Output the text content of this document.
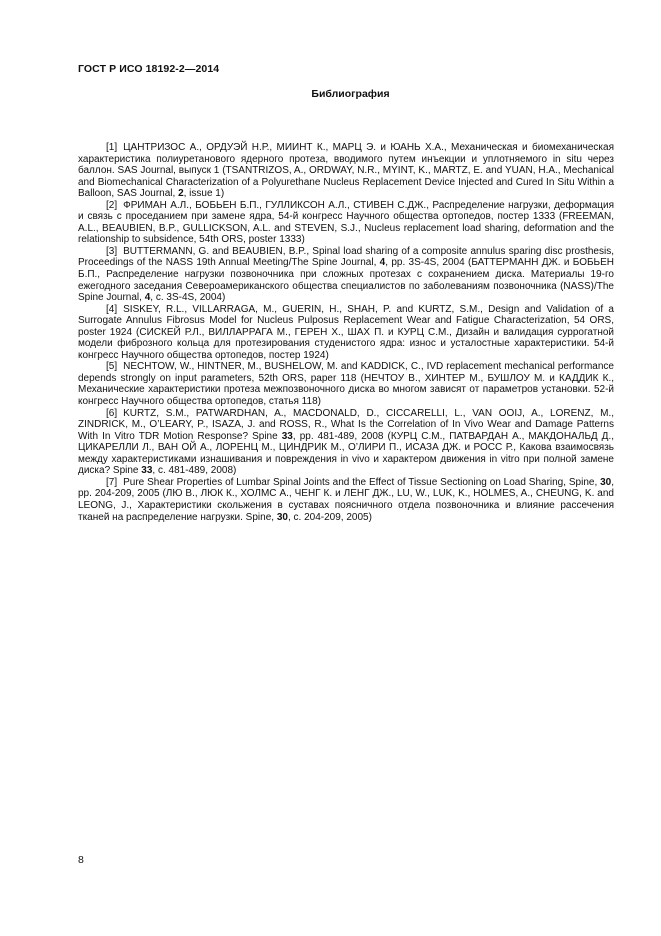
ГОСТ Р ИСО 18192-2—2014
Библиография

[1] ЦАНТРИЗОС А., ОРДУЭЙ Н.Р., МИИНТ К., МАРЦ Э. и ЮАНЬ Х.А., Механическая и биомеханическая характеристика полиуретанового ядерного протеза, вводимого путем инъекции и уплотняемого in situ через баллон. SAS Journal, выпуск 1 (TSANTRIZOS, A., ORDWAY, N.R., MYINT, K., MARTZ, E. and YUAN, H.A., Mechanical and Biomechanical Characterization of a Polyurethane Nucleus Replacement Device Injected and Cured In Situ Within a Balloon, SAS Journal, 2, issue 1)

[2] ФРИМАН А.Л., БОБЬЕН Б.П., ГУЛЛИКСОН А.Л., СТИВЕН С.ДЖ., Распределение нагрузки, деформация и связь с проседанием при замене ядра, 54-й конгресс Научного общества ортопедов, постер 1333 (FREEMAN, A.L., BEAUBIEN, B.P., GULLICKSON, A.L. and STEVEN, S.J., Nucleus replacement load sharing, deformation and the relationship to subsidence, 54th ORS, poster 1333)

[3] BUTTERMANN, G. and BEAUBIEN, B.P., Spinal load sharing of a composite annulus sparing disc prosthesis, Proceedings of the NASS 19th Annual Meeting/The Spine Journal, 4, pp. 3S-4S, 2004 (БАТТЕРМАНН ДЖ. и БОБЬЕН Б.П., Распределение нагрузки позвоночника при сложных протезах с сохранением диска. Материалы 19-го ежегодного заседания Североамериканского общества специалистов по заболеваниям позвоночника (NASS)/The Spine Journal, 4, с. 3S-4S, 2004)

[4] SISKEY, R.L., VILLARRAGA, M., GUERIN, H., SHAH, P. and KURTZ, S.M., Design and Validation of a Surrogate Annulus Fibrosus Model for Nucleus Pulposus Replacement Wear and Fatigue Characterization, 54 ORS, poster 1924 (СИСКЕЙ Р.Л., ВИЛЛАРРАГА М., ГЕРЕН Х., ШАХ П. и КУРЦ С.М., Дизайн и валидация суррогатной модели фиброзного кольца для протезирования студенистого ядра: износ и усталостные характеристики. 54-й конгресс Научного общества ортопедов, постер 1924)

[5] NECHTOW, W., HINTNER, M., BUSHELOW, M. and KADDICK, C., IVD replacement mechanical performance depends strongly on input parameters, 52th ORS, paper 118 (НЕЧТОУ В., ХИНТЕР М., БУШЛОУ М. и КАДДИК К., Механические характеристики протеза межпозвоночного диска во многом зависят от параметров установки. 52-й конгресс Научного общества ортопедов, статья 118)

[6] KURTZ, S.M., PATWARDHAN, A., MACDONALD, D., CICCARELLI, L., VAN OOIJ, A., LORENZ, M., ZINDRICK, M., O’LEARY, P., ISAZA, J. and ROSS, R., What Is the Correlation of In Vivo Wear and Damage Patterns With In Vitro TDR Motion Response? Spine 33, pp. 481-489, 2008 (КУРЦ С.М., ПАТВАРДАН А., МАКДОНАЛЬД Д., ЦИКАРЕЛЛИ Л., ВАН ОЙ А., ЛОРЕНЦ М., ЦИНДРИК М., О’ЛИРИ П., ИСАЗА ДЖ. и РОСС Р., Какова взаимосвязь между характеристиками изнашивания и повреждения in vivo и характером движения in vitro при полной замене диска? Spine 33, с. 481-489, 2008)

[7] Pure Shear Properties of Lumbar Spinal Joints and the Effect of Tissue Sectioning on Load Sharing, Spine, 30, pp. 204-209, 2005 (ЛЮ В., ЛЮК К., ХОЛМС А., ЧЕНГ К. и ЛЕНГ ДЖ., LU, W., LUK, K., HOLMES, A., CHEUNG, K. and LEONG, J., Характеристики скольжения в суставах поясничного отдела позвоночника и влияние рассечения тканей на распределение нагрузки. Spine, 30, с. 204-209, 2005)

8
